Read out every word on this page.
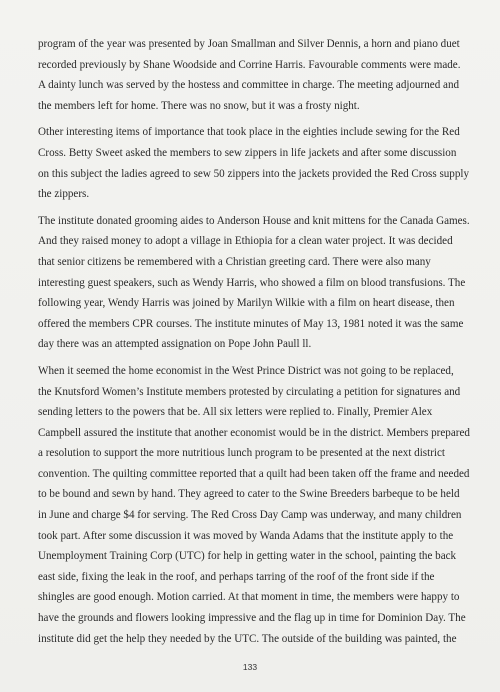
program of the year was presented by Joan Smallman and Silver Dennis, a horn and piano duet recorded previously by Shane Woodside and Corrine Harris. Favourable comments were made. A dainty lunch was served by the hostess and committee in charge. The meeting adjourned and the members left for home. There was no snow, but it was a frosty night.

Other interesting items of importance that took place in the eighties include sewing for the Red Cross. Betty Sweet asked the members to sew zippers in life jackets and after some discussion on this subject the ladies agreed to sew 50 zippers into the jackets provided the Red Cross supply the zippers.

The institute donated grooming aides to Anderson House and knit mittens for the Canada Games. And they raised money to adopt a village in Ethiopia for a clean water project. It was decided that senior citizens be remembered with a Christian greeting card. There were also many interesting guest speakers, such as Wendy Harris, who showed a film on blood transfusions. The following year, Wendy Harris was joined by Marilyn Wilkie with a film on heart disease, then offered the members CPR courses. The institute minutes of May 13, 1981 noted it was the same day there was an attempted assignation on Pope John Paull ll.

When it seemed the home economist in the West Prince District was not going to be replaced, the Knutsford Women’s Institute members protested by circulating a petition for signatures and sending letters to the powers that be. All six letters were replied to. Finally, Premier Alex Campbell assured the institute that another economist would be in the district. Members prepared a resolution to support the more nutritious lunch program to be presented at the next district convention. The quilting committee reported that a quilt had been taken off the frame and needed to be bound and sewn by hand. They agreed to cater to the Swine Breeders barbeque to be held in June and charge $4 for serving. The Red Cross Day Camp was underway, and many children took part. After some discussion it was moved by Wanda Adams that the institute apply to the Unemployment Training Corp (UTC) for help in getting water in the school, painting the back east side, fixing the leak in the roof, and perhaps tarring of the roof of the front side if the shingles are good enough. Motion carried. At that moment in time, the members were happy to have the grounds and flowers looking impressive and the flag up in time for Dominion Day. The institute did get the help they needed by the UTC. The outside of the building was painted, the

133
